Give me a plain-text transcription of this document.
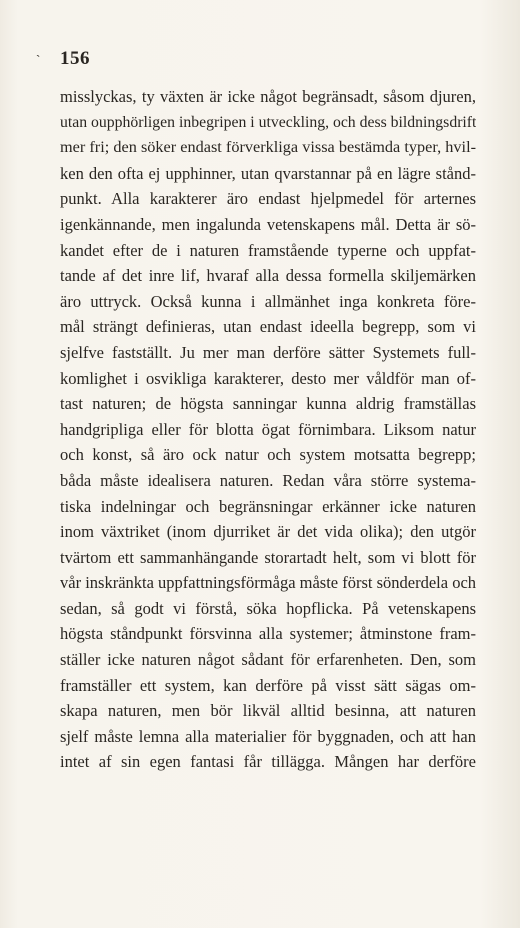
` 156
misslyckas, ty växten är icke något begränsadt, såsom djuren,
utan oupphörligen inbegripen i utveckling, och dess bildningsdrift
mer fri; den söker endast förverkliga vissa bestämda typer, hvil-
ken den ofta ej upphinner, utan qvarstannar på en lägre stånd-
punkt. Alla karakterer äro endast hjelpmedel för arternes
igenkännande, men ingalunda vetenskapens mål. Detta är sö-
kandet efter de i naturen framstående typerne och uppfat-
tande af det inre lif, hvaraf alla dessa formella skiljemärken
äro uttryck. Också kunna i allmänhet inga konkreta före-
mål strängt definieras, utan endast ideella begrepp, som vi
sjelfve fastställt. Ju mer man derföre sätter Systemets full-
komlighet i osvikliga karakterer, desto mer våldför man of-
tast naturen; de högsta sanningar kunna aldrig framställas
handgripliga eller för blotta ögat förnimbara. Liksom natur
och konst, så äro ock natur och system motsatta begrepp;
båda måste idealisera naturen. Redan våra större systema-
tiska indelningar och begränsningar erkänner icke naturen
inom växtriket (inom djurriket är det vida olika); den utgör
tvärtom ett sammanhängande storartadt helt, som vi blott för
vår inskränkta uppfattningsförmåga måste först sönderdela och
sedan, så godt vi förstå, söka hopflicka. På vetenskapens
högsta ståndpunkt försvinna alla systemer; åtminstone fram-
ställer icke naturen något sådant för erfarenheten. Den, som
framställer ett system, kan derföre på visst sätt sägas om-
skapa naturen, men bör likväl alltid besinna, att naturen
sjelf måste lemna alla materialier för byggnaden, och att han
intet af sin egen fantasi får tillägga. Mången har derföre
